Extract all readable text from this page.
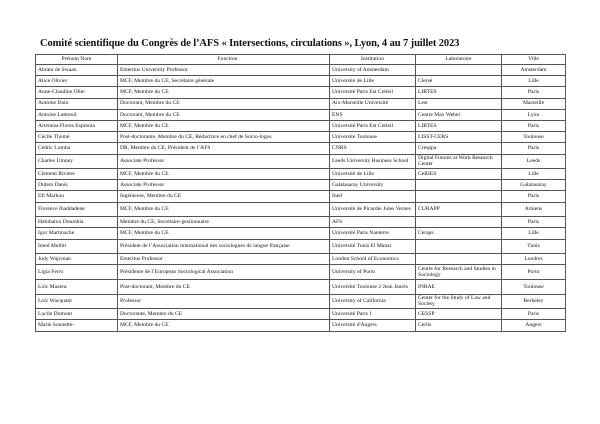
Comité scientifique du Congrès de l’AFS « Intersections, circulations », Lyon, 4 au 7 juillet 2023
Prénom Nom	Fonction	Institution	Laboratoire	Ville
Abram de Swaan	Emeritus University Professor	University of Amsterdam		Amsterdam
Alice Olivier	MCF, Membre du CE, Secrétaire générale	Université de Lille	Clersé	Lille
Anne-Claudine Oller	MCF, Membre du CE	Université Paris Est Créteil	LIRTES	Paris
Antoine Dain	Doctorant, Membre du CE	Aix-Marseille Université	Lest	Marseille
Antoine Lattreuil	Doctorant, Membre du CE	ENS	Centre Max Weber	Lyon
Artemisa Flores Espinola	MCF, Membre du CE	Université Paris Est Créteil	LIRTES	Paris
Cécile Thomé	Post-doctorante, Membre du CE, Rédactrice en chef de Socio-logos	Université Toulouse	LISST-CERS	Toulouse
Cédric Lomba	DR, Membre du CE, Président de l’AFS	CNRS	Cresppa	Paris
Charles Umney	Associate Professor	Leeds University Business School	Digital Futures at Work Research Center	Leeds
Clément Rivière	MCF, Membre du CE	Université de Lille	CeRIES	Lille
Didem Danis	Associate Professor	Galatasaray University		Galatasaray
Efi Markou	Ingénieure, Membre du CE	Ined		Paris
Florence Ihaddadene	MCF, Membre du CE	Université de Picardie Jules Vernes	CURAPP	Amiens
Habibatou Doumbia	Membre du CE, Secrétaire-gestionnaire	AFS		Paris
Igor Martinache	MCF, Membre du CE	Université Paris Nanterre	Ceraps	Lille
Imed Melliti	Président de l’Association international des sociologues de langue française	Université Tunis El Manar		Tunis
Judy Wajcman	Emeritus Professor	London School of Economics		Londres
Lígia Ferro	Présidente de l’European Sociological Association	University of Porto	Centre for Research and Studies in Sociology	Porto
Loïc Mazenc	Post-doctorant, Membre du CE	Université Toulouse 2 Jean Jaurès	INRAE	Toulouse
Loïc Wacquant	Professor	University of California	Center for the Study of Law and Society	Berkeley
Lucile Dumont	Doctorante, Membre du CE	Université Paris 1	CESSP	Paris
Marie Sonnette-	MCF, Membre du CE	Université d'Angers	Cerlis	Angers
